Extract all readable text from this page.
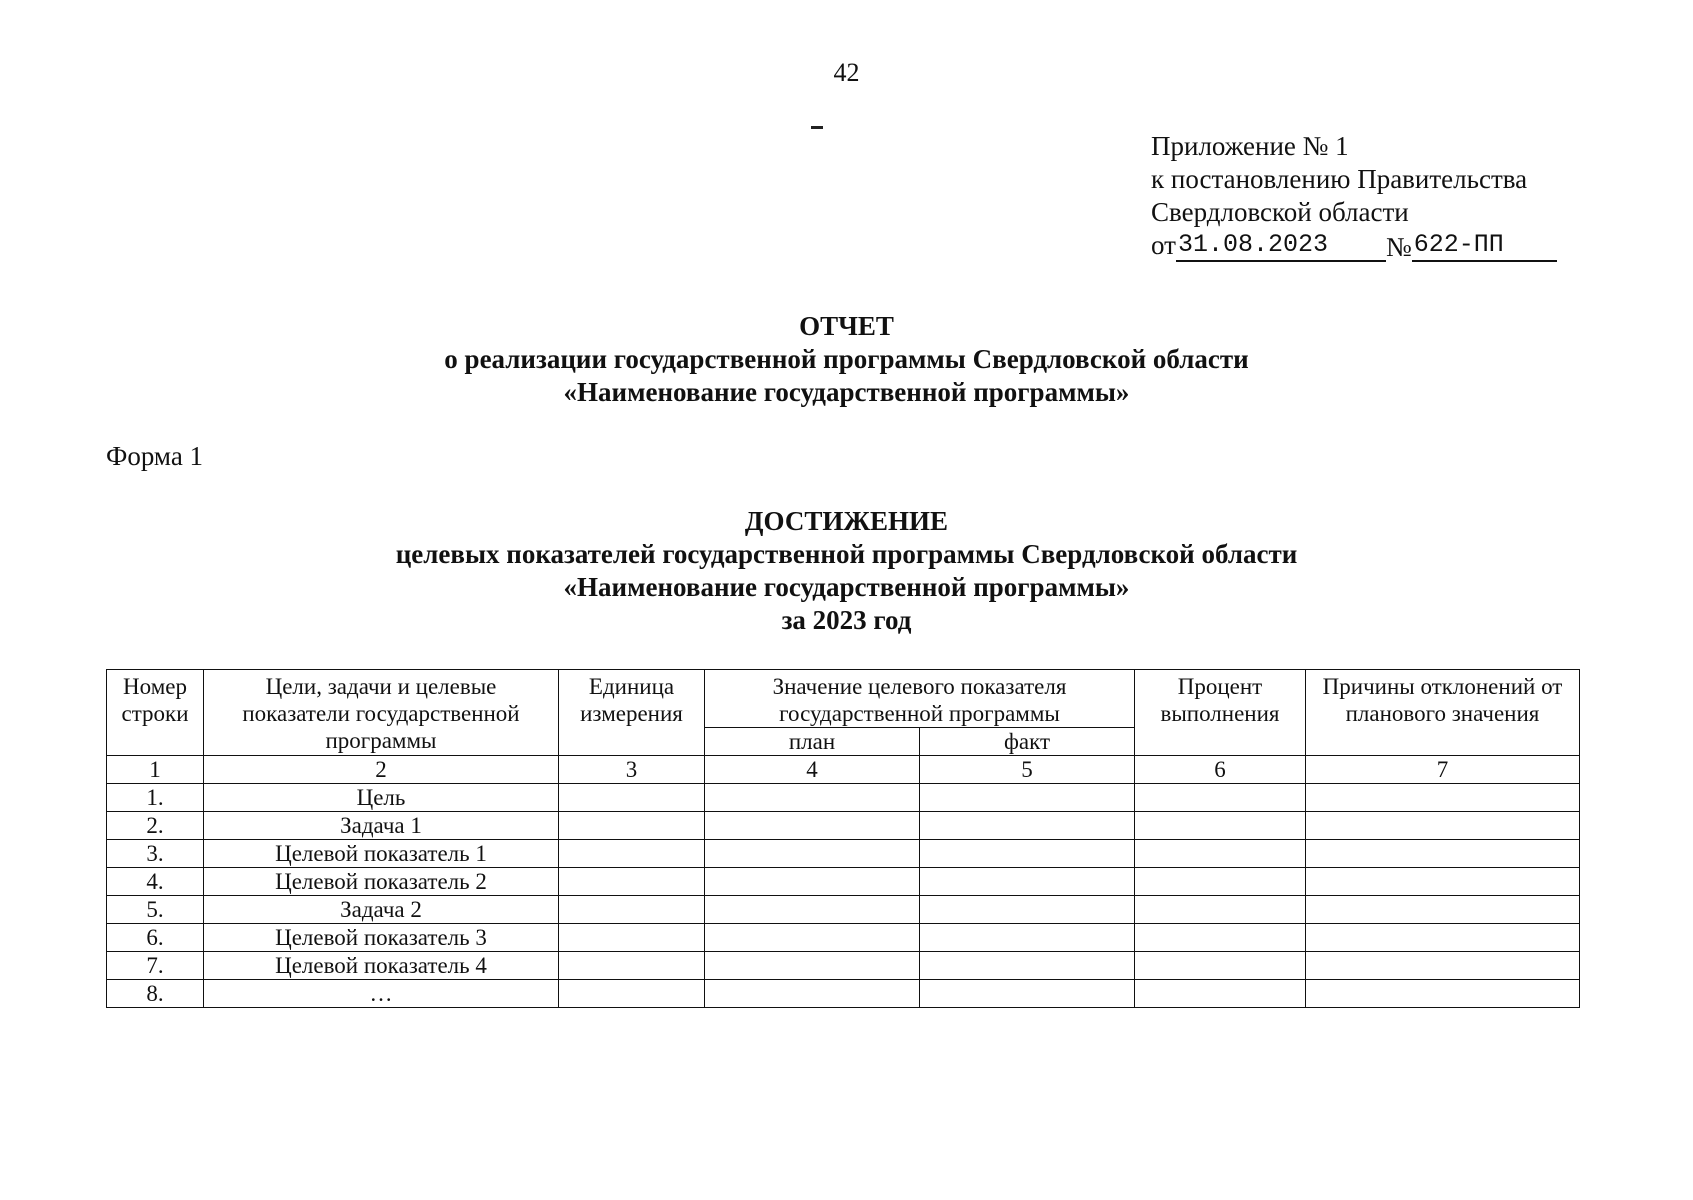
42
Приложение № 1
к постановлению Правительства
Свердловской области
от 31.08.2023	№ 622-ПП
ОТЧЕТ
о реализации государственной программы Свердловской области
«Наименование государственной программы»
Форма 1
ДОСТИЖЕНИЕ
целевых показателей государственной программы Свердловской области
«Наименование государственной программы»
за 2023 год
Номер строки	Цели, задачи и целевые показатели государственной программы	Единица измерения	Значение целевого показателя государственной программы		Процент выполнения	Причины отклонений от планового значения
			план	факт		
1	2	3	4	5	6	7
1.	Цель					
2.	Задача 1					
3.	Целевой показатель 1					
4.	Целевой показатель 2					
5.	Задача 2					
6.	Целевой показатель 3					
7.	Целевой показатель 4					
8.	…					
